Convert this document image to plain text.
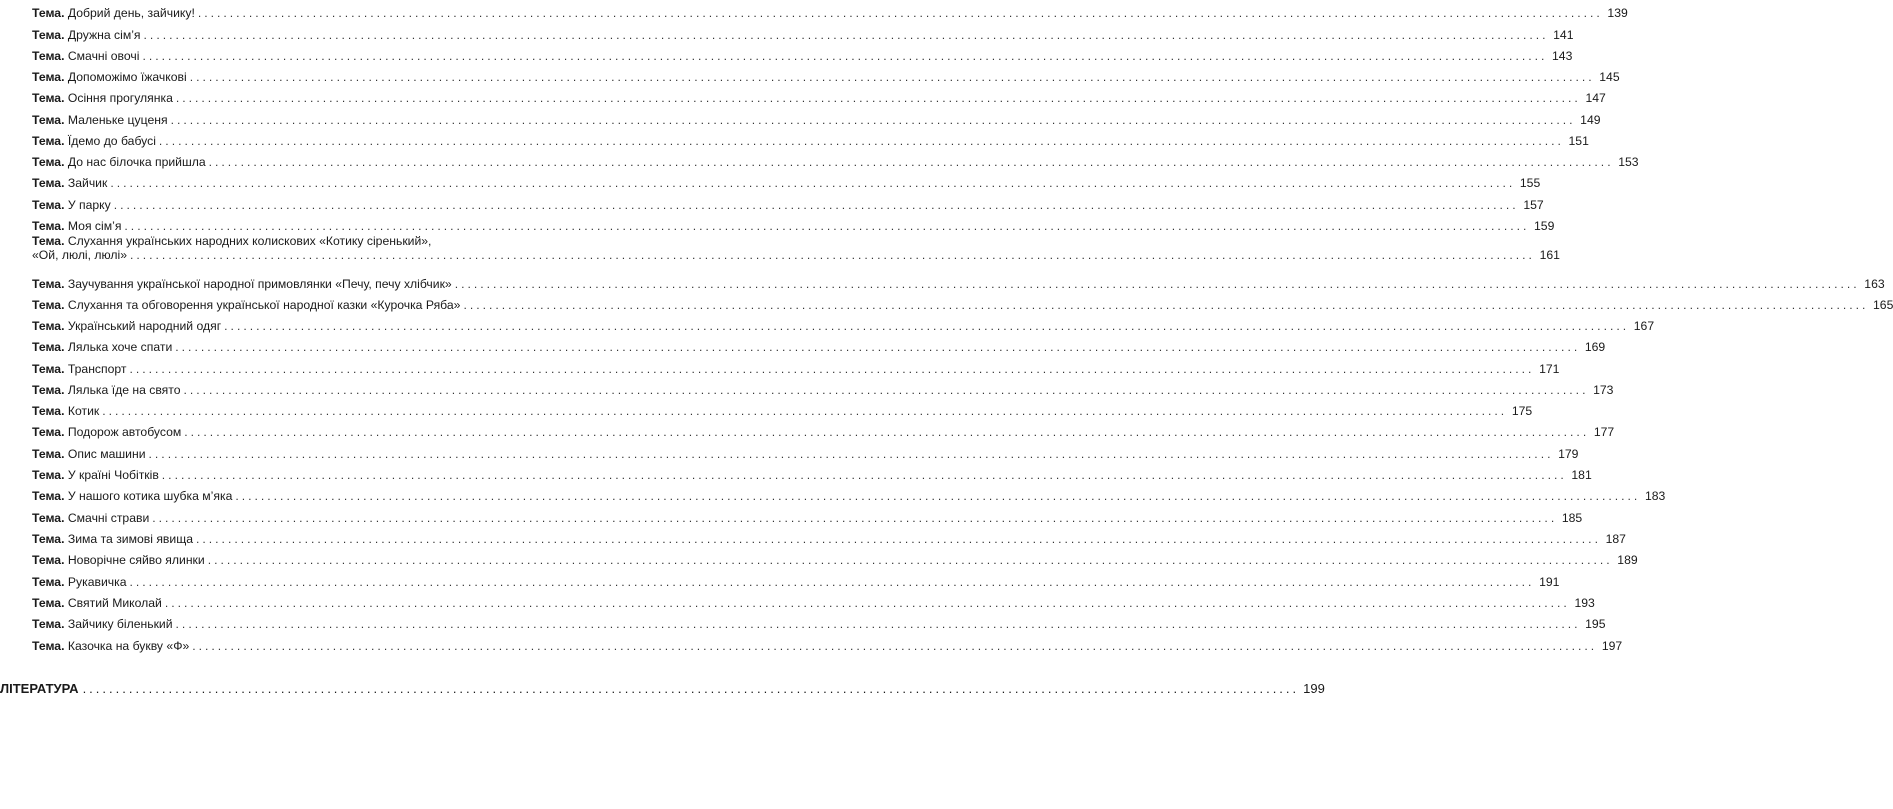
Тема. Добрий день, зайчику! ............................................................................................................................................................................................................................ 139
Тема. Дружна сім’я ............................................................................................................................................................................................................................ 141
Тема. Смачні овочі ............................................................................................................................................................................................................................ 143
Тема. Допоможімо їжачкові ............................................................................................................................................................................................................................ 145
Тема. Осіння прогулянка ............................................................................................................................................................................................................................ 147
Тема. Маленьке цуценя ............................................................................................................................................................................................................................ 149
Тема. Їдемо до бабусі ............................................................................................................................................................................................................................ 151
Тема. До нас білочка прийшла ............................................................................................................................................................................................................................ 153
Тема. Зайчик ............................................................................................................................................................................................................................ 155
Тема. У парку ............................................................................................................................................................................................................................ 157
Тема. Моя сім’я ............................................................................................................................................................................................................................ 159
Тема. Слухання українських народних колискових «Котику сіренький»,
«Ой, люлі, люлі» ............................................................................................................................................................................................................................ 161
Тема. Заучування української народної примовлянки «Печу, печу хлібчик» ............................................................................................................................................................................................................................ 163
Тема. Слухання та обговорення української народної казки «Курочка Ряба» ............................................................................................................................................................................................................................ 165
Тема. Український народний одяг ............................................................................................................................................................................................................................ 167
Тема. Лялька хоче спати ............................................................................................................................................................................................................................ 169
Тема. Транспорт ............................................................................................................................................................................................................................ 171
Тема. Лялька їде на свято ............................................................................................................................................................................................................................ 173
Тема. Котик ............................................................................................................................................................................................................................ 175
Тема. Подорож автобусом ............................................................................................................................................................................................................................ 177
Тема. Опис машини ............................................................................................................................................................................................................................ 179
Тема. У країні Чобітків ............................................................................................................................................................................................................................ 181
Тема. У нашого котика шубка м’яка ............................................................................................................................................................................................................................ 183
Тема. Смачні страви ............................................................................................................................................................................................................................ 185
Тема. Зима та зимові явища ............................................................................................................................................................................................................................ 187
Тема. Новорічне сяйво ялинки ............................................................................................................................................................................................................................ 189
Тема. Рукавичка ............................................................................................................................................................................................................................ 191
Тема. Святий Миколай ............................................................................................................................................................................................................................ 193
Тема. Зайчику біленький ............................................................................................................................................................................................................................ 195
Тема. Казочка на букву «Ф» ............................................................................................................................................................................................................................ 197
ЛІТЕРАТУРА ........................................................................................................................................................................................ 199
